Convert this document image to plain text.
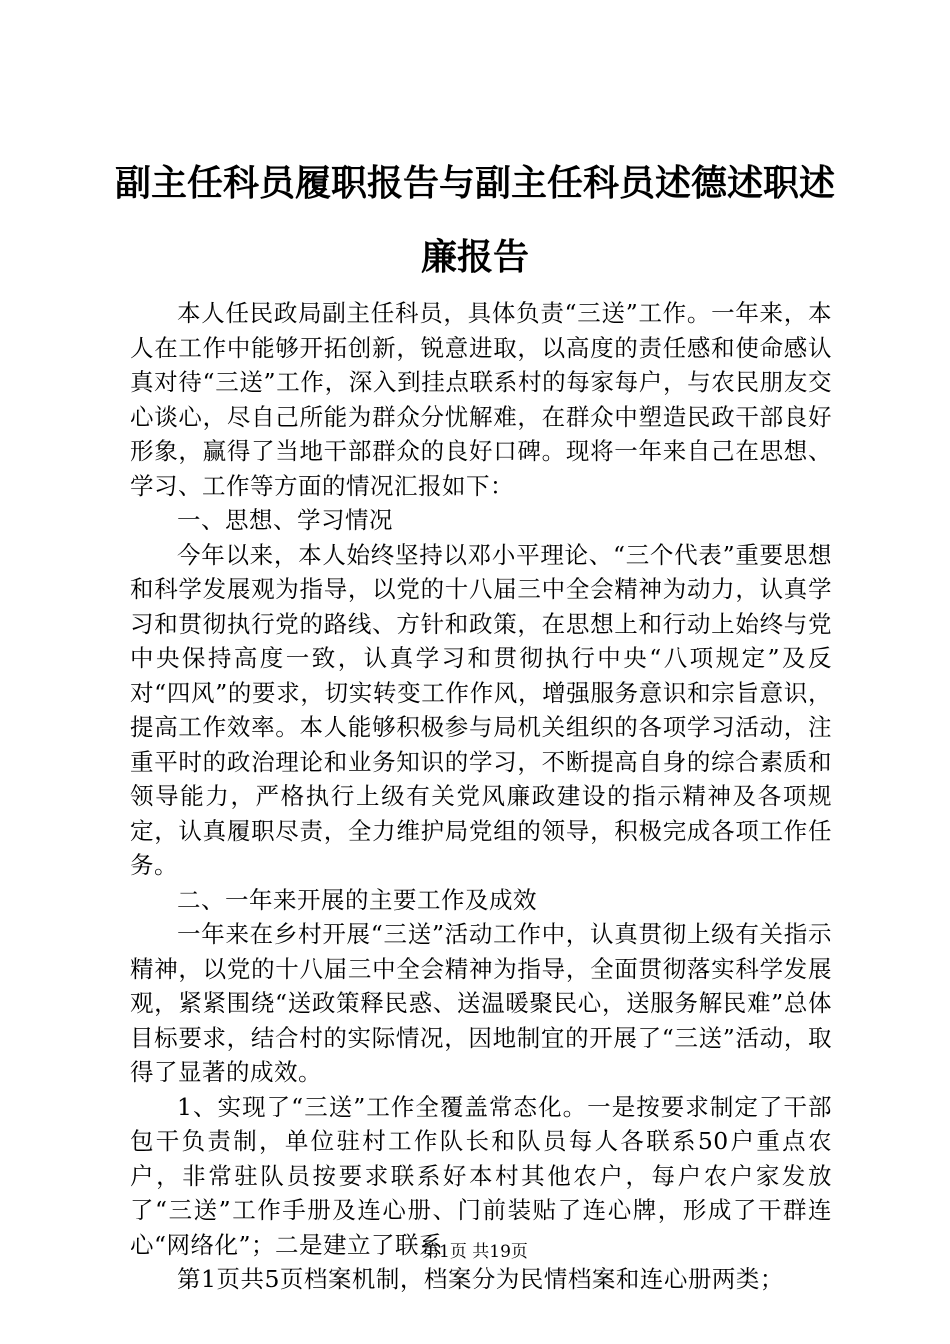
副主任科员履职报告与副主任科员述德述职述廉报告

本人任民政局副主任科员，具体负责“三送”工作。一年来，本人在工作中能够开拓创新，锐意进取，以高度的责任感和使命感认真对待“三送”工作，深入到挂点联系村的每家每户，与农民朋友交心谈心，尽自己所能为群众分忧解难，在群众中塑造民政干部良好形象，赢得了当地干部群众的良好口碑。现将一年来自己在思想、学习、工作等方面的情况汇报如下：

一、思想、学习情况

今年以来，本人始终坚持以邓小平理论、“三个代表”重要思想和科学发展观为指导，以党的十八届三中全会精神为动力，认真学习和贯彻执行党的路线、方针和政策，在思想上和行动上始终与党中央保持高度一致，认真学习和贯彻执行中央“八项规定”及反对“四风”的要求，切实转变工作作风，增强服务意识和宗旨意识，提高工作效率。本人能够积极参与局机关组织的各项学习活动，注重平时的政治理论和业务知识的学习，不断提高自身的综合素质和领导能力，严格执行上级有关党风廉政建设的指示精神及各项规定，认真履职尽责，全力维护局党组的领导，积极完成各项工作任务。

二、一年来开展的主要工作及成效

一年来在乡村开展“三送”活动工作中，认真贯彻上级有关指示精神，以党的十八届三中全会精神为指导，全面贯彻落实科学发展观，紧紧围绕“送政策释民惑、送温暖聚民心，送服务解民难”总体目标要求，结合村的实际情况，因地制宜的开展了“三送”活动，取得了显著的成效。

1、实现了“三送”工作全覆盖常态化。一是按要求制定了干部包干负责制，单位驻村工作队长和队员每人各联系50户重点农户，非常驻队员按要求联系好本村其他农户，每户农户家发放了“三送”工作手册及连心册、门前装贴了连心牌，形成了干群连心“网络化”；二是建立了联系

第1页共5页档案机制，档案分为民情档案和连心册两类；

第1页 共19页
